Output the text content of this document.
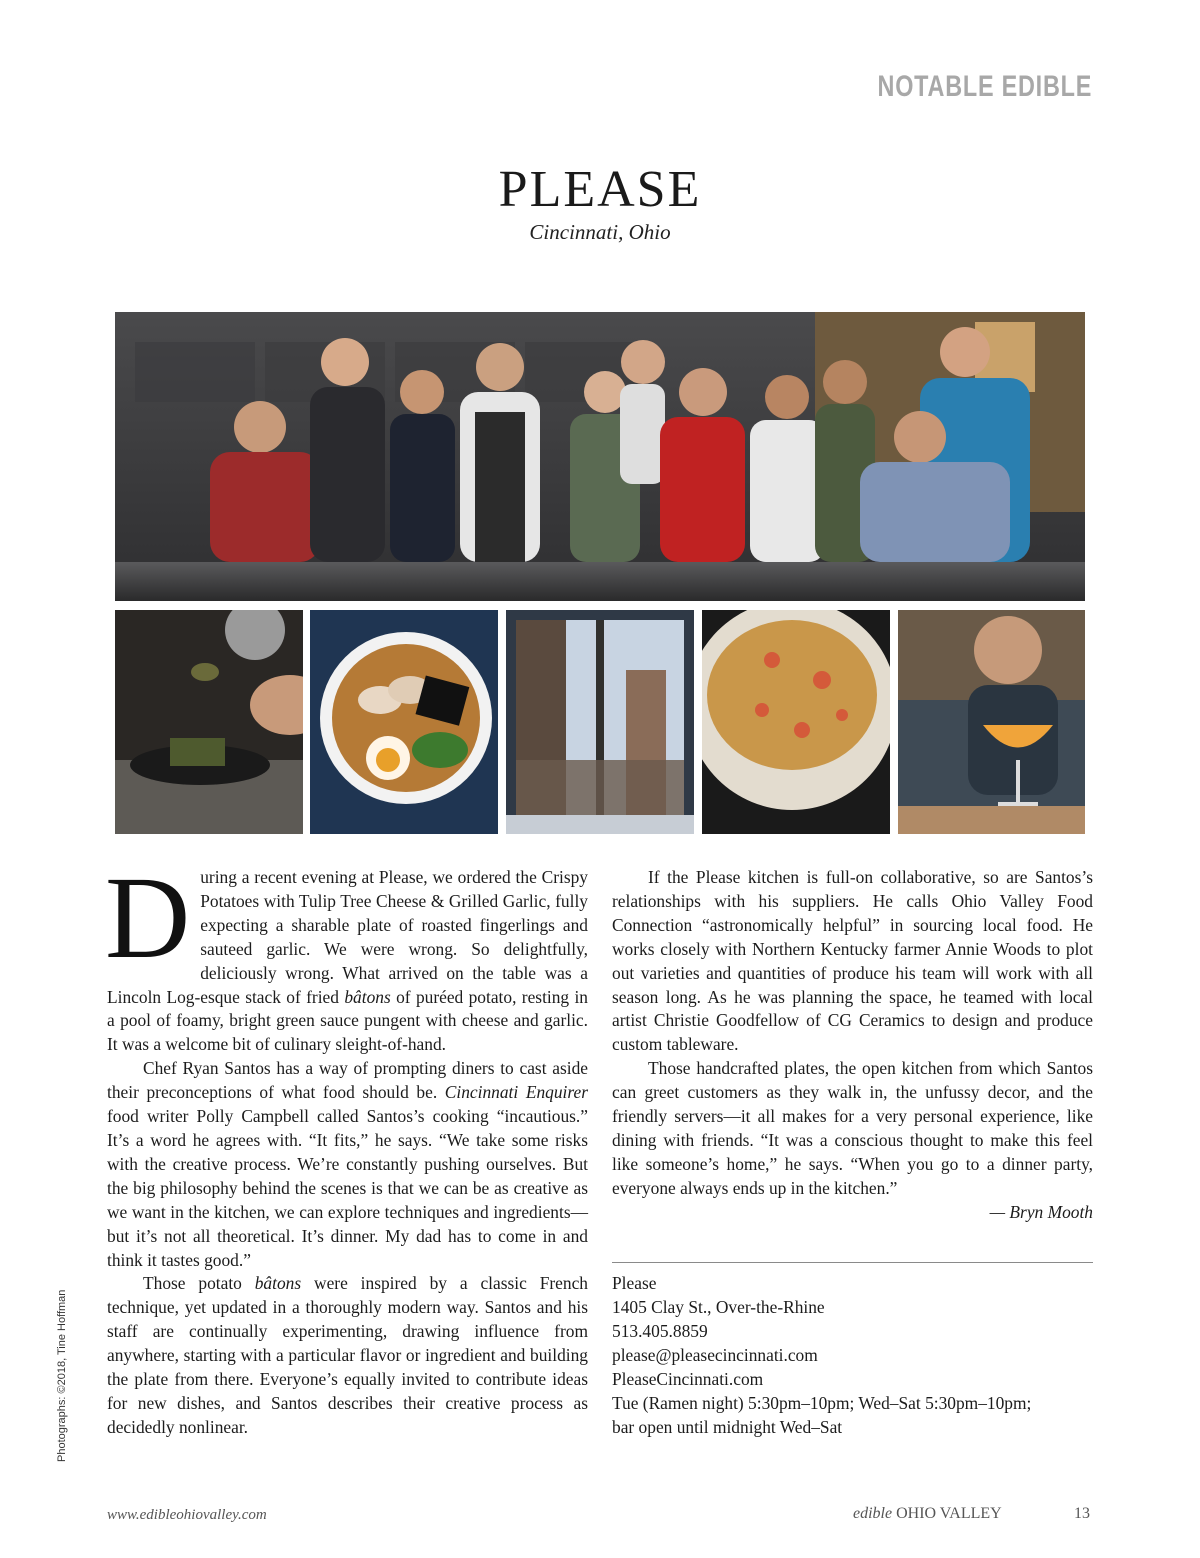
NOTABLE EDIBLE
PLEASE
Cincinnati, Ohio

During a recent evening at Please, we ordered the Crispy Potatoes with Tulip Tree Cheese & Grilled Garlic, fully expecting a sharable plate of roasted fingerlings and sauteed garlic. We were wrong. So delightfully, deliciously wrong. What arrived on the table was a Lincoln Log-esque stack of fried bâtons of puréed potato, resting in a pool of foamy, bright green sauce pungent with cheese and garlic. It was a welcome bit of culinary sleight-of-hand.

Chef Ryan Santos has a way of prompting diners to cast aside their preconceptions of what food should be. Cincinnati Enquirer food writer Polly Campbell called Santos’s cooking “incautious.” It’s a word he agrees with. “It fits,” he says. “We take some risks with the creative process. We’re constantly pushing ourselves. But the big philosophy behind the scenes is that we can be as creative as we want in the kitchen, we can explore techniques and ingredients—but it’s not all theoretical. It’s dinner. My dad has to come in and think it tastes good.”

Those potato bâtons were inspired by a classic French technique, yet updated in a thoroughly modern way. Santos and his staff are continually experimenting, drawing influence from anywhere, starting with a particular flavor or ingredient and building the plate from there. Everyone’s equally invited to contribute ideas for new dishes, and Santos describes their creative process as decidedly nonlinear.

If the Please kitchen is full-on collaborative, so are Santos’s relationships with his suppliers. He calls Ohio Valley Food Connection “astronomically helpful” in sourcing local food. He works closely with Northern Kentucky farmer Annie Woods to plot out varieties and quantities of produce his team will work with all season long. As he was planning the space, he teamed with local artist Christie Goodfellow of CG Ceramics to design and produce custom tableware.

Those handcrafted plates, the open kitchen from which Santos can greet customers as they walk in, the unfussy decor, and the friendly servers—it all makes for a very personal experience, like dining with friends. “It was a conscious thought to make this feel like someone’s home,” he says. “When you go to a dinner party, everyone always ends up in the kitchen.”

— Bryn Mooth
Please
1405 Clay St., Over-the-Rhine
513.405.8859
please@pleasecincinnati.com
PleaseCincinnati.com
Tue (Ramen night) 5:30pm–10pm; Wed–Sat 5:30pm–10pm;
bar open until midnight Wed–Sat
Photographs: ©2018, Tine Hoffman
www.edibleohiovalley.com	edible OHIO VALLEY	13
